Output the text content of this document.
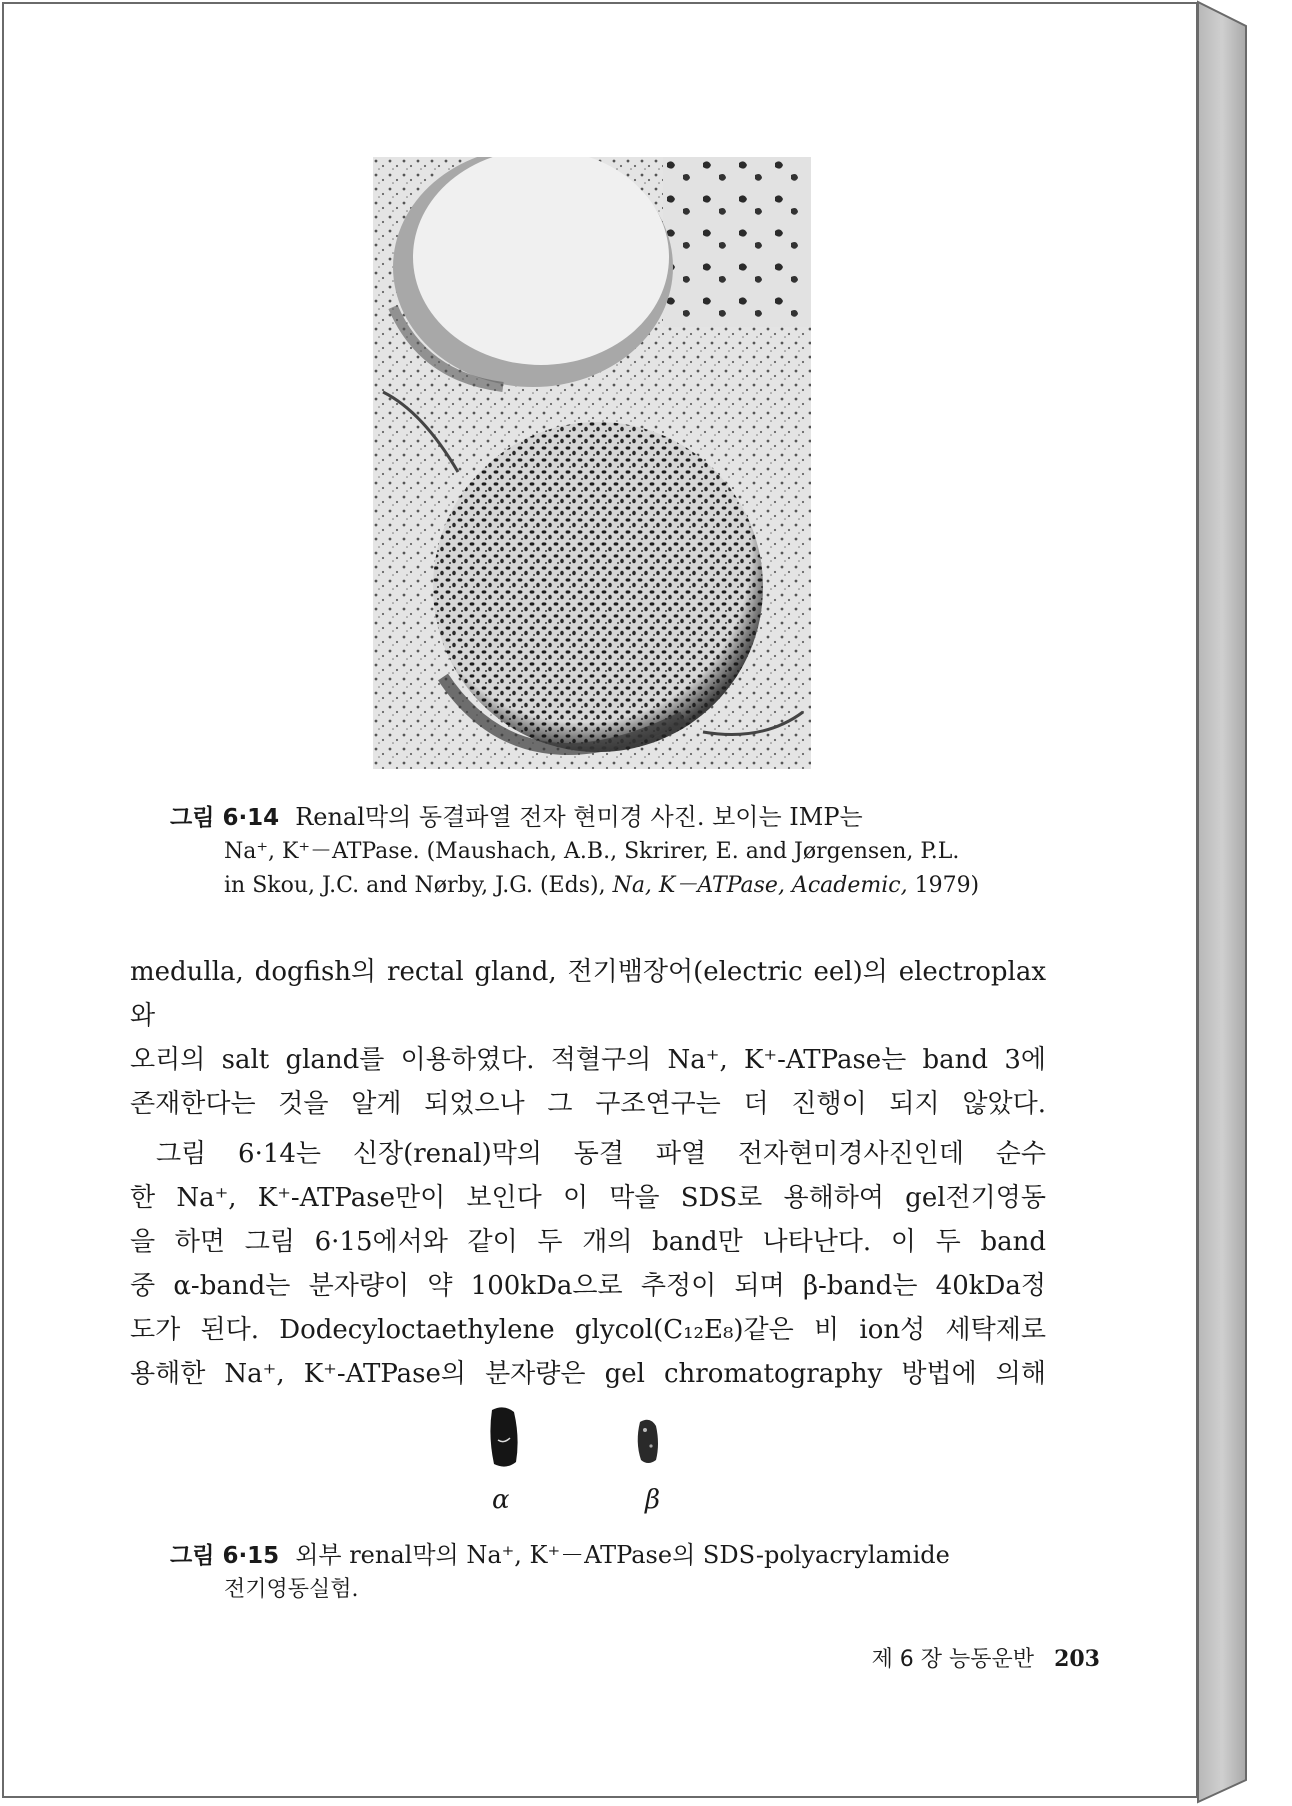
그림 6·14 Renal막의 동결파열 전자 현미경 사진. 보이는 IMP는
Na⁺, K⁺－ATPase. (Maushach, A.B., Skrirer, E. and Jørgensen, P.L.
in Skou, J.C. and Nørby, J.G. (Eds), Na, K－ATPase, Academic, 1979)

medulla, dogfish의 rectal gland, 전기뱀장어(electric eel)의 electroplax와

오리의 salt gland를 이용하였다. 적혈구의 Na⁺, K⁺-ATPase는 band 3에

존재한다는 것을 알게 되었으나 그 구조연구는 더 진행이 되지 않았다.

그림 6·14는 신장(renal)막의 동결 파열 전자현미경사진인데 순수

한 Na⁺, K⁺-ATPase만이 보인다 이 막을 SDS로 용해하여 gel전기영동

을 하면 그림 6·15에서와 같이 두 개의 band만 나타난다. 이 두 band

중 α-band는 분자량이 약 100kDa으로 추정이 되며 β-band는 40kDa정

도가 된다. Dodecyloctaethylene glycol(C₁₂E₈)같은 비 ion성 세탁제로

용해한 Na⁺, K⁺-ATPase의 분자량은 gel chromatography 방법에 의해

α	β
그림 6·15 외부 renal막의 Na⁺, K⁺－ATPase의 SDS-polyacrylamide
전기영동실험.
제 6 장 능동운반 203
